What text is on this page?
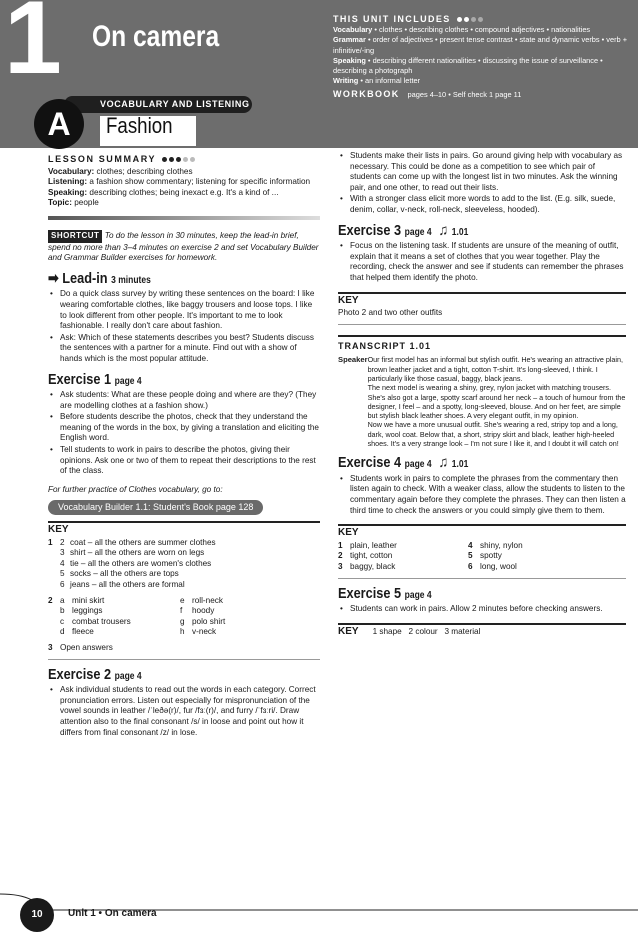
1 On camera
VOCABULARY AND LISTENING
A	Fashion
THIS UNIT INCLUDES
Vocabulary • clothes • describing clothes • compound adjectives • nationalities
Grammar • order of adjectives • present tense contrast • state and dynamic verbs • verb + infinitive/-ing
Speaking • describing different nationalities • discussing the issue of surveillance • describing a photograph
Writing • an informal letter
WORKBOOK pages 4–10 • Self check 1 page 11
LESSON SUMMARY
Vocabulary: clothes; describing clothes
Listening: a fashion show commentary; listening for specific information
Speaking: describing clothes; being inexact e.g. It's a kind of ...
Topic: people
SHORTCUT To do the lesson in 30 minutes, keep the lead-in brief, spend no more than 3–4 minutes on exercise 2 and set Vocabulary Builder and Grammar Builder exercises for homework.
➡ Lead-in 3 minutes
• Do a quick class survey by writing these sentences on the board: I like wearing comfortable clothes, like baggy trousers and loose tops. I like to look different from other people. It's important to me to look fashionable. I really don't care about fashion.
• Ask: Which of these statements describes you best? Students discuss the sentences with a partner for a minute. Find out with a show of hands which is the most popular attitude.
Exercise 1 page 4
• Ask students: What are these people doing and where are they? (They are modelling clothes at a fashion show.)
• Before students describe the photos, check that they understand the meaning of the words in the box, by giving a translation and eliciting the English word.
• Tell students to work in pairs to describe the photos, giving their opinions. Ask one or two of them to repeat their descriptions to the rest of the class.
For further practice of Clothes vocabulary, go to:
Vocabulary Builder 1.1: Student's Book page 128
KEY
1 2 coat – all the others are summer clothes
3 shirt – all the others are worn on legs
4 tie – all the others are women's clothes
5 socks – all the others are tops
6 jeans – all the others are formal
2 a mini skirt	e roll-neck
b leggings	f hoody
c combat trousers	g polo shirt
d fleece	h v-neck
3 Open answers
Exercise 2 page 4
• Ask individual students to read out the words in each category. Correct pronunciation errors. Listen out especially for mispronunciation of the vowel sounds in leather /ˈleðə(r)/, fur /fɜː(r)/, and furry /ˈfɜːri/. Draw attention also to the final consonant /s/ in loose and point out how it differs from final consonant /z/ in lose.
• Students make their lists in pairs. Go around giving help with vocabulary as necessary. This could be done as a competition to see which pair of students can come up with the longest list in two minutes. Ask the winning pair, and one other, to read out their lists.
• With a stronger class elicit more words to add to the list. (E.g. silk, suede, denim, collar, v-neck, roll-neck, sleeveless, hooded).
Exercise 3 page 4 ♫ 1.01
• Focus on the listening task. If students are unsure of the meaning of outfit, explain that it means a set of clothes that you wear together. Play the recording, check the answer and see if students can remember the phrases that helped them identify the photo.
KEY
Photo 2 and two other outfits
TRANSCRIPT 1.01
Speaker Our first model has an informal but stylish outfit. He's wearing an attractive plain, brown leather jacket and a tight, cotton T-shirt. It's long-sleeved, I think. I particularly like those casual, baggy, black jeans.

The next model is wearing a shiny, grey, nylon jacket with matching trousers. She's also got a large, spotty scarf around her neck – a touch of humour from the designer, I feel – and a spotty, long-sleeved, blouse. And on her feet, are simple but stylish black leather shoes. A very elegant outfit, in my opinion.

Now we have a more unusual outfit. She's wearing a red, stripy top and a long, dark, wool coat. Below that, a short, stripy skirt and black, leather high-heeled shoes. It's a very strange look – I'm not sure I like it, and I doubt it will catch on!

Exercise 4 page 4 ♫ 1.01
• Students work in pairs to complete the phrases from the commentary then listen again to check. With a weaker class, allow the students to listen to the commentary again before they complete the phrases. They can then listen a third time to check the answers or you could simply give them to them.
KEY
1 plain, leather	4 shiny, nylon
2 tight, cotton	5 spotty
3 baggy, black	6 long, wool
Exercise 5 page 4
• Students can work in pairs. Allow 2 minutes before checking answers.
KEY 1 shape   2 colour   3 material
10	Unit 1 • On camera
